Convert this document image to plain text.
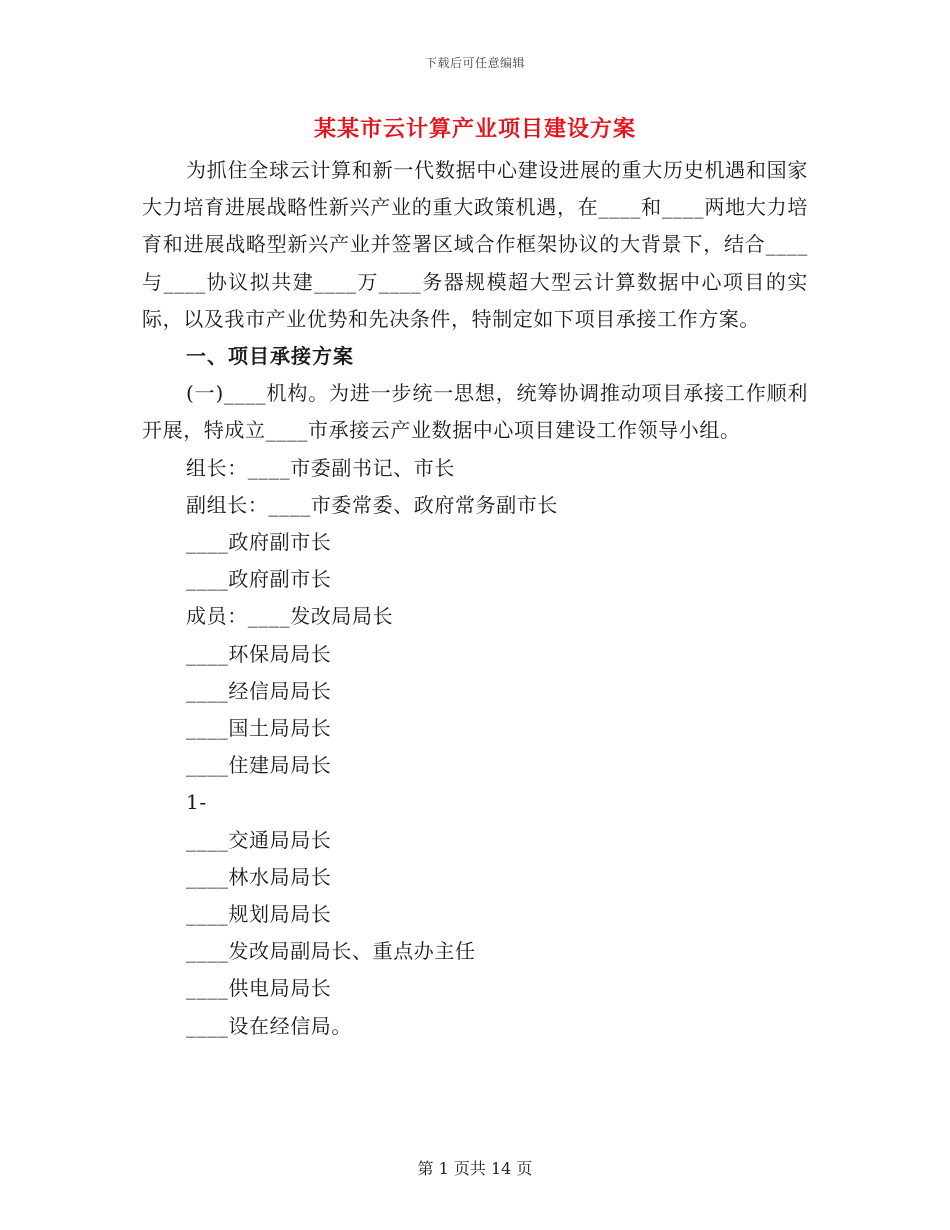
下载后可任意编辑
某某市云计算产业项目建设方案

为抓住全球云计算和新一代数据中心建设进展的重大历史机遇和国家大力培育进展战略性新兴产业的重大政策机遇，在____和____两地大力培育和进展战略型新兴产业并签署区域合作框架协议的大背景下，结合____与____协议拟共建____万____务器规模超大型云计算数据中心项目的实际，以及我市产业优势和先决条件，特制定如下项目承接工作方案。

一、项目承接方案

(一)____机构。为进一步统一思想，统筹协调推动项目承接工作顺利开展，特成立____市承接云产业数据中心项目建设工作领导小组。

组长：____市委副书记、市长

副组长：____市委常委、政府常务副市长

____政府副市长

____政府副市长

成员：____发改局局长

____环保局局长

____经信局局长

____国土局局长

____住建局局长

1-

____交通局局长

____林水局局长

____规划局局长

____发改局副局长、重点办主任

____供电局局长

____设在经信局。

第 1 页共 14 页
